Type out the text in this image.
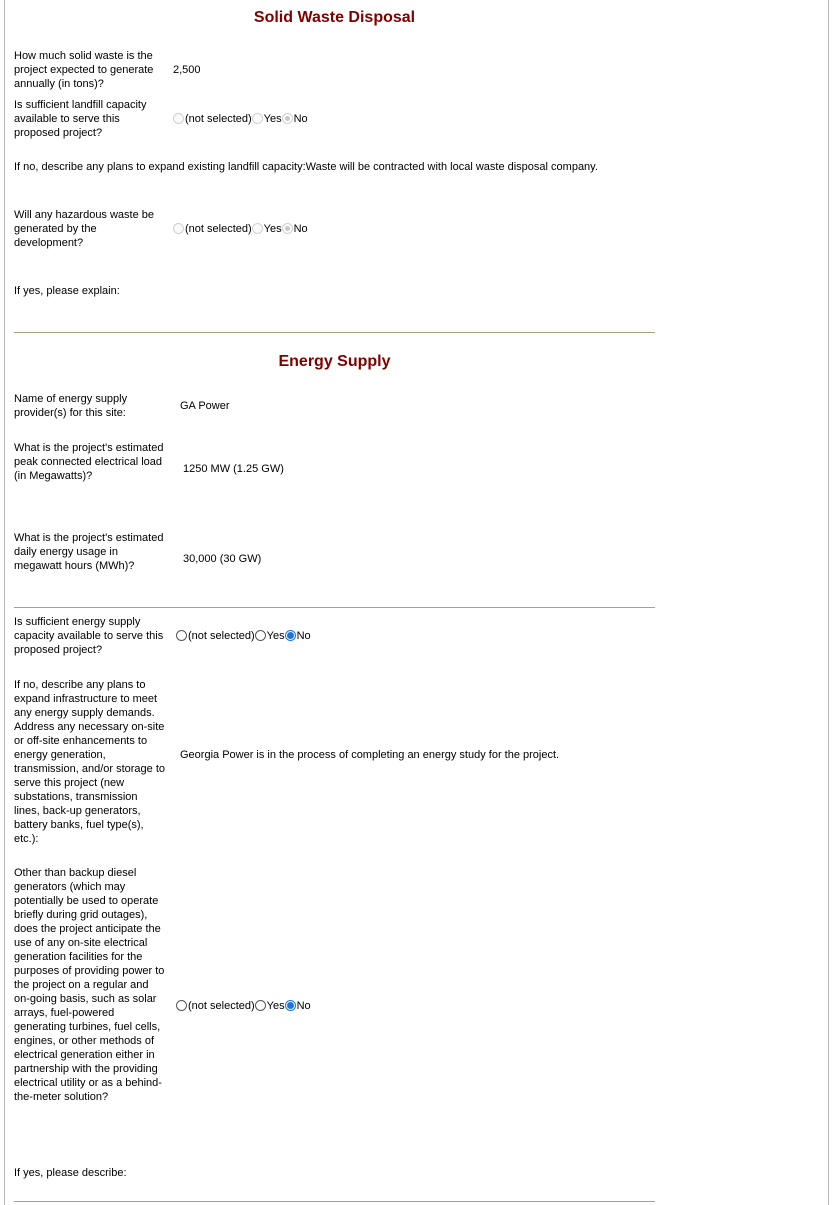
Solid Waste Disposal
How much solid waste is the project expected to generate annually (in tons)?
2,500
Is sufficient landfill capacity available to serve this proposed project?
(not selected) Yes No
If no, describe any plans to expand existing landfill capacity:Waste will be contracted with local waste disposal company.
Will any hazardous waste be generated by the development?
(not selected) Yes No
If yes, please explain:
Energy Supply
Name of energy supply provider(s) for this site:
GA Power
What is the project's estimated peak connected electrical load (in Megawatts)?
1250 MW (1.25 GW)
What is the project's estimated daily energy usage in megawatt hours (MWh)?
30,000 (30 GW)
Is sufficient energy supply capacity available to serve this proposed project?
(not selected) Yes No
If no, describe any plans to expand infrastructure to meet any energy supply demands. Address any necessary on-site or off-site enhancements to energy generation, transmission, and/or storage to serve this project (new substations, transmission lines, back-up generators, battery banks, fuel type(s), etc.):
Georgia Power is in the process of completing an energy study for the project.
Other than backup diesel generators (which may potentially be used to operate briefly during grid outages), does the project anticipate the use of any on-site electrical generation facilities for the purposes of providing power to the project on a regular and on-going basis, such as solar arrays, fuel-powered generating turbines, fuel cells, engines, or other methods of electrical generation either in partnership with the providing electrical utility or as a behind-the-meter solution?
(not selected) Yes No
If yes, please describe:
